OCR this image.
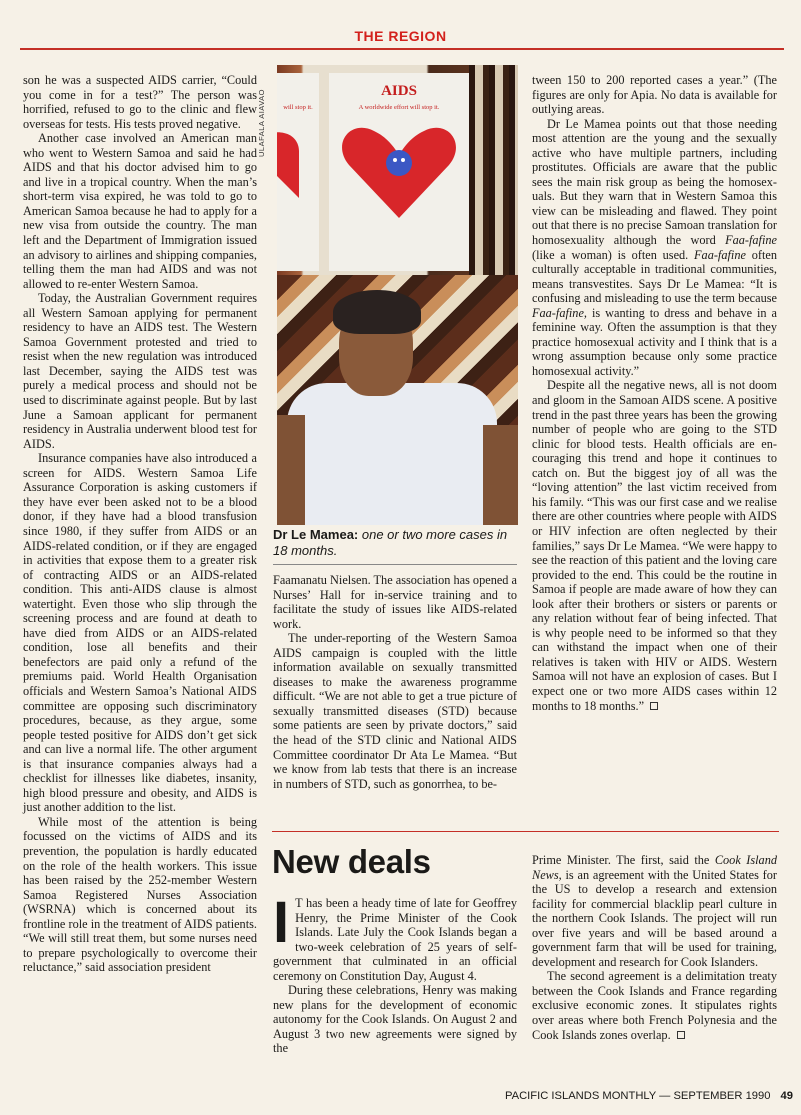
THE REGION

son he was a suspected AIDS carrier, “Could you come in for a test?” The person was horrified, refused to go to the clinic and flew overseas for tests. His tests proved negative.

Another case involved an American man who went to Western Samoa and said he had AIDS and that his doctor advised him to go and live in a tropical country. When the man’s short-term visa expired, he was told to go to American Samoa because he had to apply for a new visa from outside the country. The man left and the Department of Immigration issued an advisory to airlines and shipping companies, telling them the man had AIDS and was not allowed to re-enter Western Samoa.

Today, the Australian Government requires all Western Samoan applying for permanent residency to have an AIDS test. The Western Samoa Government protested and tried to resist when the new regulation was introduced last December, saying the AIDS test was purely a medical process and should not be used to discriminate against people. But by last June a Samoan applicant for permanent residency in Australia underwent blood test for AIDS.

Insurance companies have also introduced a screen for AIDS. Western Samoa Life Assurance Corporation is asking customers if they have ever been asked not to be a blood donor, if they have had a blood transfusion since 1980, if they suffer from AIDS or an AIDS-related condition, or if they are engaged in activities that expose them to a greater risk of contracting AIDS or an AIDS-related condition. This anti-AIDS clause is almost watertight. Even those who slip through the screening process and are found at death to have died from AIDS or an AIDS-related condition, lose all benefits and their benefectors are paid only a refund of the premiums paid. World Health Organisation officials and Western Samoa’s National AIDS committee are opposing such discriminatory procedures, because, as they argue, some people tested positive for AIDS don’t get sick and can live a normal life. The other argument is that insurance companies always had a checklist for illnesses like diabetes, insanity, high blood pressure and obesity, and AIDS is just another addition to the list.

While most of the attention is being focussed on the victims of AIDS and its prevention, the population is hardly educated on the role of the health workers. This issue has been raised by the 252-member Western Samoa Registered Nurses Association (WSRNA) which is concerned about its frontline role in the treatment of AIDS patients. “We will still treat them, but some nurses need to prepare psychologically to overcome their reluctance,” said association president

ULAFALA AIAVAO	will stop it.
AIDS
A worldwide effort will stop it.
Dr Le Mamea: one or two more cases in 18 months.

Faamanatu Nielsen. The association has opened a Nurses’ Hall for in-service training and to facilitate the study of issues like AIDS-related work.

The under-reporting of the Western Samoa AIDS campaign is coupled with the little information available on sexually transmitted diseases to make the awareness programme difficult. “We are not able to get a true picture of sexually transmitted diseases (STD) because some patients are seen by private doctors,” said the head of the STD clinic and National AIDS Committee coordinator Dr Ata Le Mamea. “But we know from lab tests that there is an increase in numbers of STD, such as gonorrhea, to be-

tween 150 to 200 reported cases a year.” (The figures are only for Apia. No data is available for outlying areas.

Dr Le Mamea points out that those needing most attention are the young and the sexually active who have multiple partners, including prostitutes. Officials are aware that the public sees the main risk group as being the homosexuals. But they warn that in Western Samoa this view can be misleading and flawed. They point out that there is no precise Samoan translation for homosexuality although the word Faa-fafine (like a woman) is often used. Faa-fafine often culturally acceptable in traditional communities, means transvestites. Says Dr Le Mamea: “It is confusing and misleading to use the term because Faa-fafine, is wanting to dress and behave in a feminine way. Often the assumption is that they practice homosexual activity and I think that is a wrong assumption because only some practice homosexual activity.”

Despite all the negative news, all is not doom and gloom in the Samoan AIDS scene. A positive trend in the past three years has been the growing number of people who are going to the STD clinic for blood tests. Health officials are encouraging this trend and hope it continues to catch on. But the biggest joy of all was the “loving attention” the last victim received from his family. “This was our first case and we realise there are other countries where people with AIDS or HIV infection are often neglected by their families,” says Dr Le Mamea. “We were happy to see the reaction of this patient and the loving care provided to the end. This could be the routine in Samoa if people are made aware of how they can look after their brothers or sisters or parents or any relation without fear of being infected. That is why people need to be informed so that they can withstand the impact when one of their relatives is taken with HIV or AIDS. Western Samoa will not have an explosion of cases. But I expect one or two more AIDS cases within 12 months to 18 months.”

New deals

I T has been a heady time of late for Geoffrey Henry, the Prime Minister of the Cook Islands. Late July the Cook Islands began a two-week celebration of 25 years of self-government that culminated in an official ceremony on Constitution Day, August 4.

During these celebrations, Henry was making new plans for the development of economic autonomy for the Cook Islands. On August 2 and August 3 two new agreements were signed by the

Prime Minister. The first, said the Cook Island News, is an agreement with the United States for the US to develop a research and extension facility for commercial blacklip pearl culture in the northern Cook Islands. The project will run over five years and will be based around a government farm that will be used for training, development and research for Cook Islanders.

The second agreement is a delimitation treaty between the Cook Islands and France regarding exclusive economic zones. It stipulates rights over areas where both French Polynesia and the Cook Islands zones overlap.

PACIFIC ISLANDS MONTHLY — SEPTEMBER 1990 49
